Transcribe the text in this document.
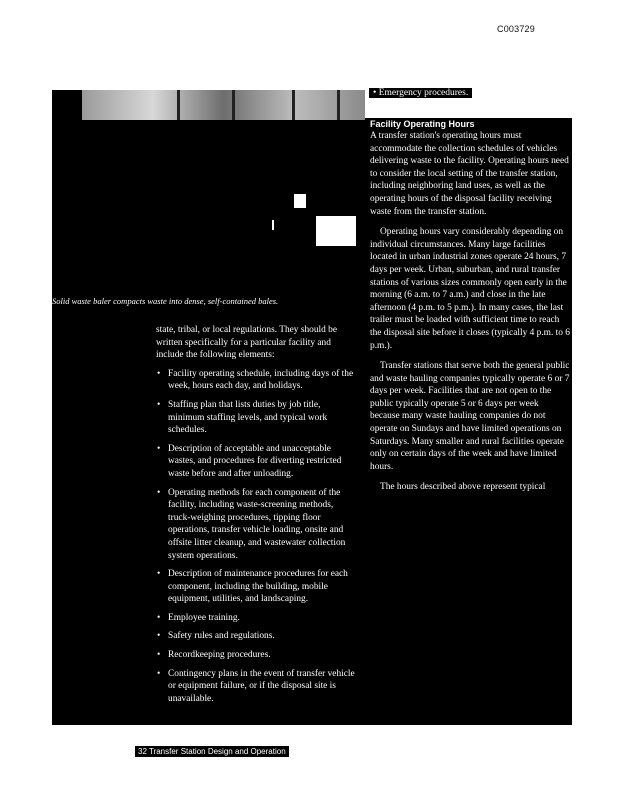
C003729
Solid waste baler compacts waste into dense, self-contained bales.
• Emergency procedures.
Facility Operating Hours

A transfer station's operating hours must accommodate the collection schedules of vehicles delivering waste to the facility. Operating hours need to consider the local setting of the transfer station, including neighboring land uses, as well as the operating hours of the disposal facility receiving waste from the transfer station.

Operating hours vary considerably depending on individual circumstances. Many large facilities located in urban industrial zones operate 24 hours, 7 days per week. Urban, suburban, and rural transfer stations of various sizes commonly open early in the morning (6 a.m. to 7 a.m.) and close in the late afternoon (4 p.m. to 5 p.m.). In many cases, the last trailer must be loaded with sufficient time to reach the disposal site before it closes (typically 4 p.m. to 6 p.m.).

Transfer stations that serve both the general public and waste hauling companies typically operate 6 or 7 days per week. Facilities that are not open to the public typically operate 5 or 6 days per week because many waste hauling companies do not operate on Sundays and have limited operations on Saturdays. Many smaller and rural facilities operate only on certain days of the week and have limited hours.

The hours described above represent typical

state, tribal, or local regulations. They should be written specifically for a particular facility and include the following elements:

• Facility operating schedule, including days of the week, hours each day, and holidays.
• Staffing plan that lists duties by job title, minimum staffing levels, and typical work schedules.
• Description of acceptable and unacceptable wastes, and procedures for diverting restricted waste before and after unloading.
• Operating methods for each component of the facility, including waste-screening methods, truck-weighing procedures, tipping floor operations, transfer vehicle loading, onsite and offsite litter cleanup, and wastewater collection system operations.
• Description of maintenance procedures for each component, including the building, mobile equipment, utilities, and landscaping.
• Employee training.
• Safety rules and regulations.
• Recordkeeping procedures.
• Contingency plans in the event of transfer vehicle or equipment failure, or if the disposal site is unavailable.
32 Transfer Station Design and Operation
